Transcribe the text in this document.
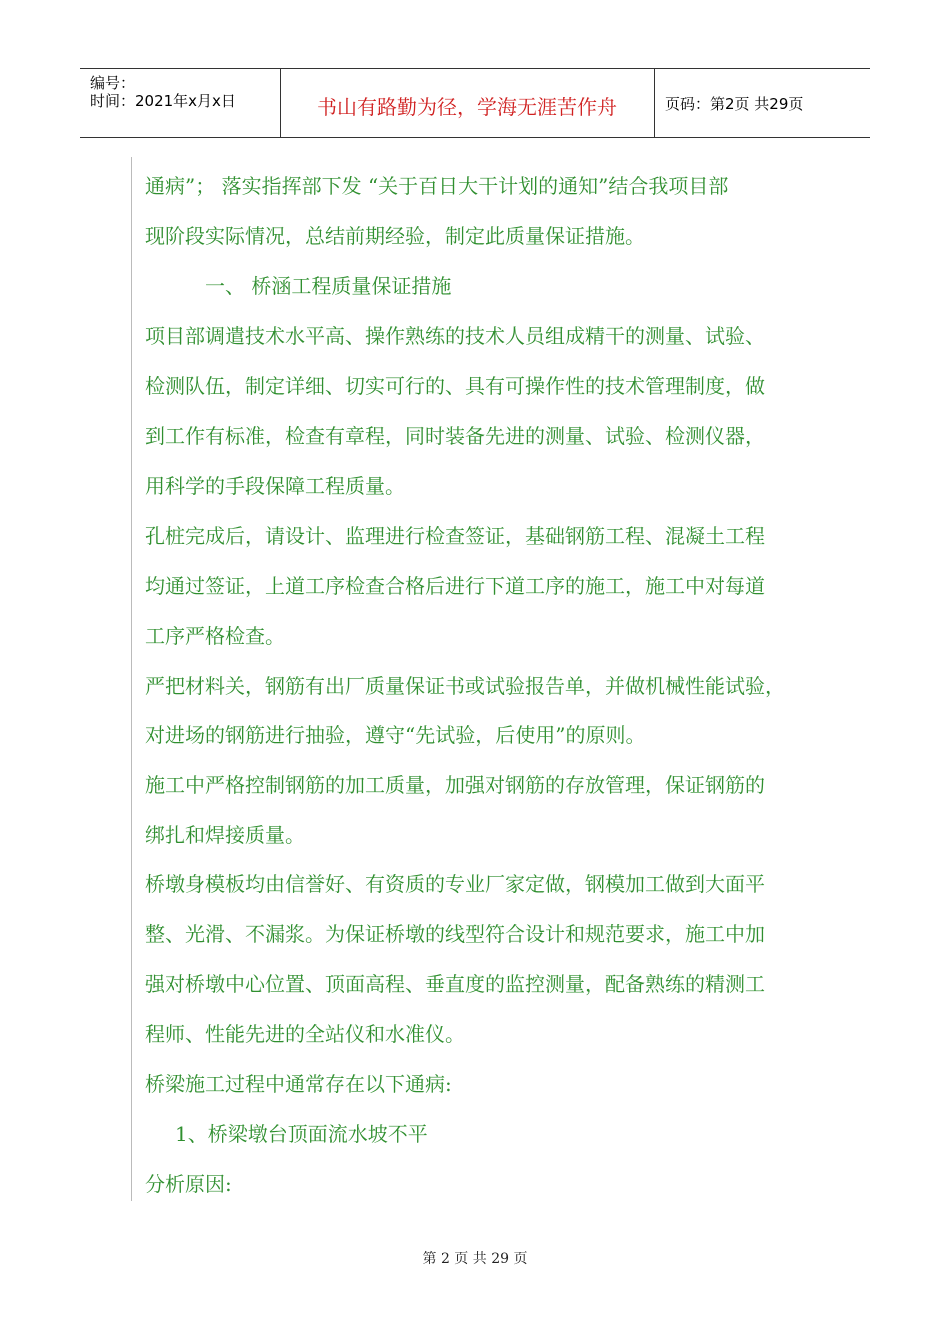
编号：
时间：2021年x月x日	书山有路勤为径，学海无涯苦作舟	页码：第2页 共29页
通病”； 落实指挥部下发 “关于百日大干计划的通知”结合我项目部
现阶段实际情况，总结前期经验，制定此质量保证措施。
一、 桥涵工程质量保证措施
项目部调遣技术水平高、操作熟练的技术人员组成精干的测量、试验、
检测队伍，制定详细、切实可行的、具有可操作性的技术管理制度，做
到工作有标准，检查有章程，同时装备先进的测量、试验、检测仪器，
用科学的手段保障工程质量。
孔桩完成后，请设计、监理进行检查签证，基础钢筋工程、混凝土工程
均通过签证，上道工序检查合格后进行下道工序的施工，施工中对每道
工序严格检查。
严把材料关，钢筋有出厂质量保证书或试验报告单，并做机械性能试验，
对进场的钢筋进行抽验，遵守“先试验，后使用”的原则。
施工中严格控制钢筋的加工质量，加强对钢筋的存放管理，保证钢筋的
绑扎和焊接质量。
桥墩身模板均由信誉好、有资质的专业厂家定做，钢模加工做到大面平
整、光滑、不漏浆。为保证桥墩的线型符合设计和规范要求，施工中加
强对桥墩中心位置、顶面高程、垂直度的监控测量，配备熟练的精测工
程师、性能先进的全站仪和水准仪。
桥梁施工过程中通常存在以下通病:
1、桥梁墩台顶面流水坡不平
分析原因:
第 2 页 共 29 页
